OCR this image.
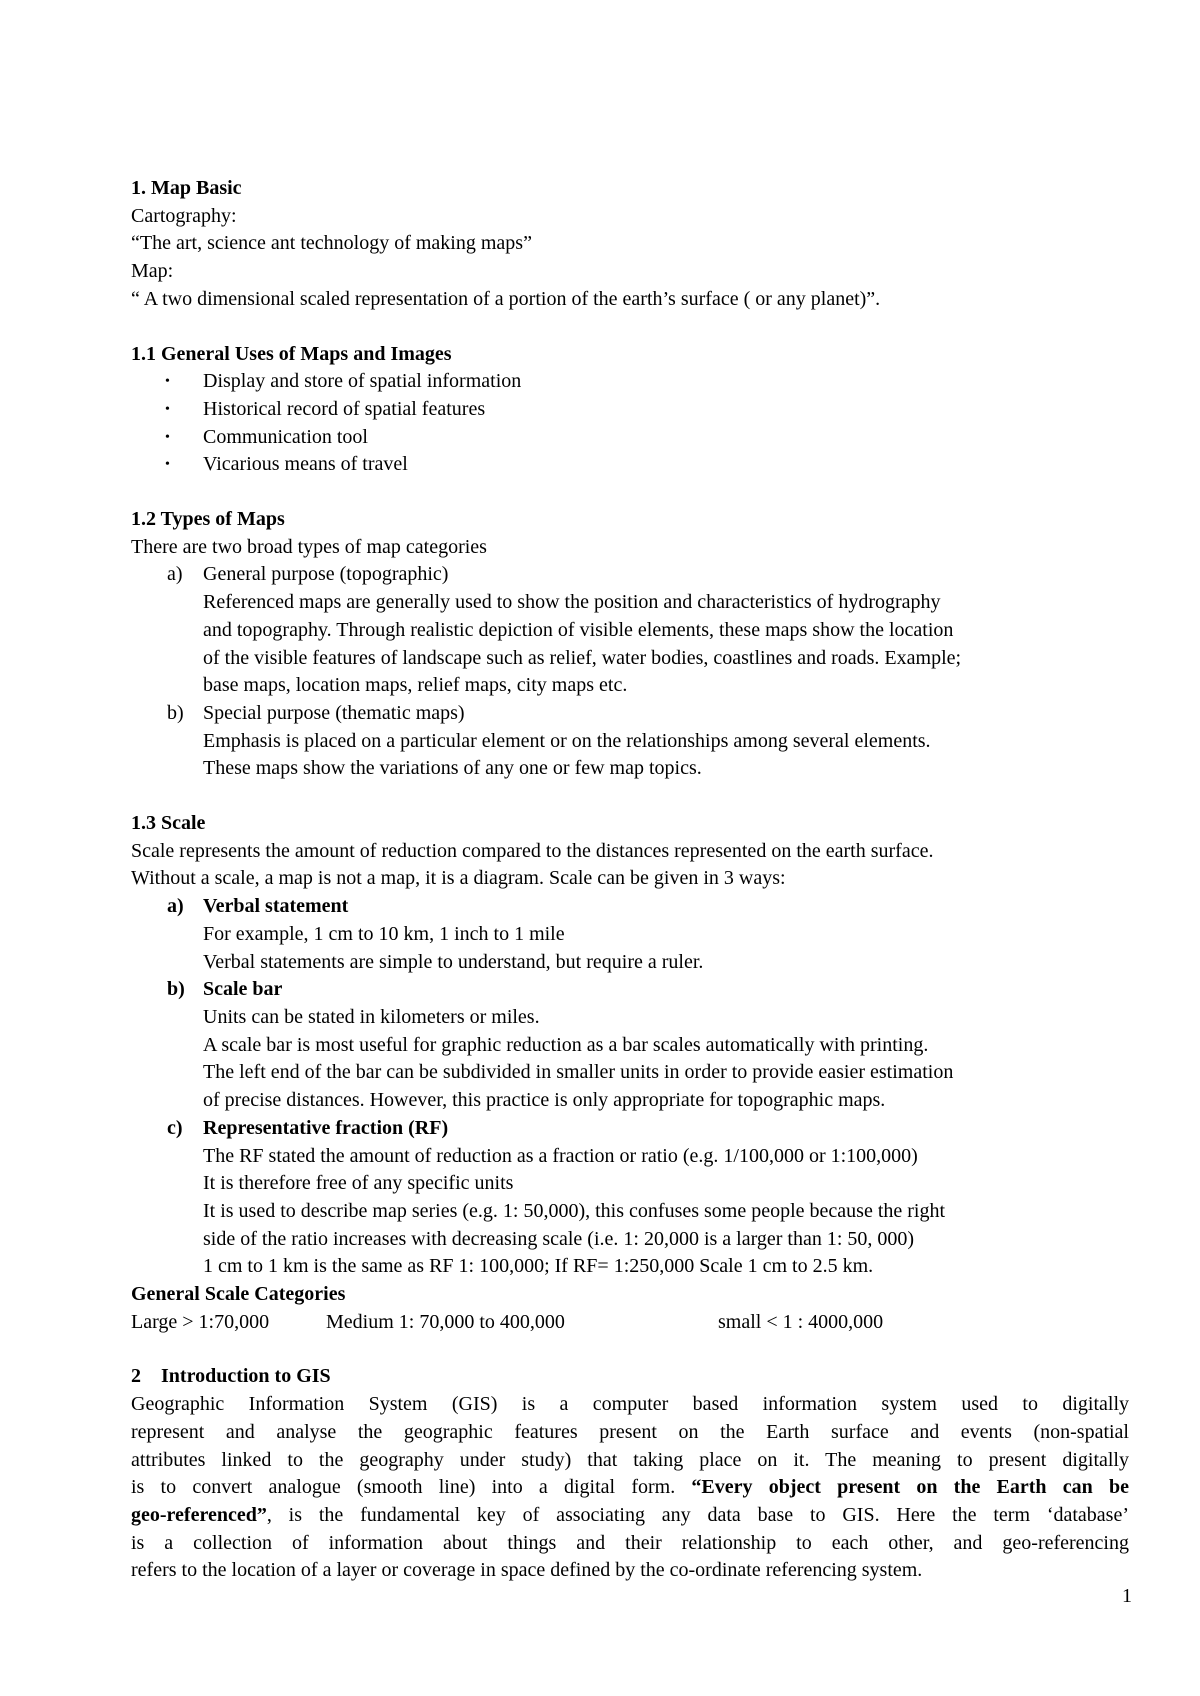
1. Map Basic
Cartography:
“The art, science ant technology of making maps”
Map:
“ A two dimensional scaled representation of a portion of the earth’s surface ( or any planet)”.
1.1 General Uses of Maps and Images
• Display and store of spatial information
• Historical record of spatial features
• Communication tool
• Vicarious means of travel
1.2 Types of Maps
There are two broad types of map categories
a) General purpose (topographic)
Referenced maps are generally used to show the position and characteristics of hydrography
and topography. Through realistic depiction of visible elements, these maps show the location
of the visible features of landscape such as relief, water bodies, coastlines and roads. Example;
base maps, location maps, relief maps, city maps etc.
b) Special purpose (thematic maps)
Emphasis is placed on a particular element or on the relationships among several elements.
These maps show the variations of any one or few map topics.
1.3 Scale
Scale represents the amount of reduction compared to the distances represented on the earth surface.
Without a scale, a map is not a map, it is a diagram. Scale can be given in 3 ways:
a) Verbal statement
For example, 1 cm to 10 km, 1 inch to 1 mile
Verbal statements are simple to understand, but require a ruler.
b) Scale bar
Units can be stated in kilometers or miles.
A scale bar is most useful for graphic reduction as a bar scales automatically with printing.
The left end of the bar can be subdivided in smaller units in order to provide easier estimation
of precise distances. However, this practice is only appropriate for topographic maps.
c) Representative fraction (RF)
The RF stated the amount of reduction as a fraction or ratio (e.g. 1/100,000 or 1:100,000)
It is therefore free of any specific units
It is used to describe map series (e.g. 1: 50,000), this confuses some people because the right
side of the ratio increases with decreasing scale (i.e. 1: 20,000 is a larger than 1: 50, 000)
1 cm to 1 km is the same as RF 1: 100,000; If RF= 1:250,000 Scale 1 cm to 2.5 km.
General Scale Categories
Large > 1:70,000	Medium 1: 70,000 to 400,000	small < 1 : 4000,000
2    Introduction to GIS
Geographic Information System (GIS) is a computer based information system used to digitally
represent and analyse the geographic features present on the Earth surface and events (non-spatial
attributes linked to the geography under study) that taking place on it. The meaning to present digitally
is to convert analogue (smooth line) into a digital form. “Every object present on the Earth can be
geo-referenced”, is the fundamental key of associating any data base to GIS. Here the term ‘database’
is a collection of information about things and their relationship to each other, and geo-referencing
refers to the location of a layer or coverage in space defined by the co-ordinate referencing system.
1
